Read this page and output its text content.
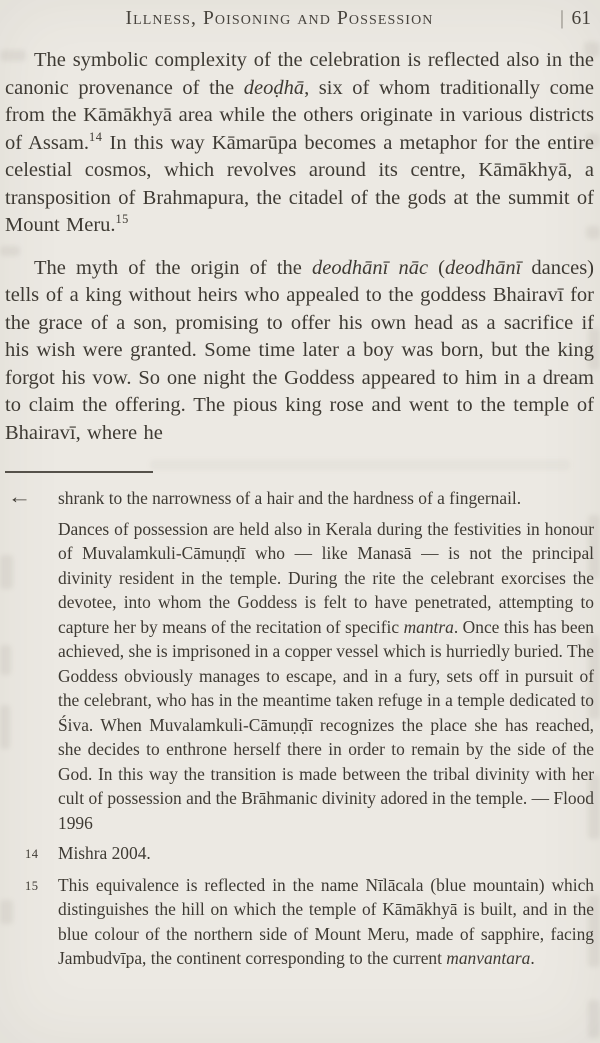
Illness, Poisoning and Possession	| 61

The symbolic complexity of the celebration is reflected also in the canonic provenance of the deoḍhā, six of whom traditionally come from the Kāmākhyā area while the others originate in various districts of Assam.$^{14}$ In this way Kāmarūpa becomes a metaphor for the entire celestial cosmos, which revolves around its centre, Kāmākhyā, a transposition of Brahmapura, the citadel of the gods at the summit of Mount Meru.$^{15}$

The myth of the origin of the deodhānī nāc (deodhānī dances) tells of a king without heirs who appealed to the goddess Bhairavī for the grace of a son, promising to offer his own head as a sacrifice if his wish were granted. Some time later a boy was born, but the king forgot his vow. So one night the Goddess appeared to him in a dream to claim the offering. The pious king rose and went to the temple of Bhairavī, where he

←	shrank to the narrowness of a hair and the hardness of a fingernail.

Dances of possession are held also in Kerala during the festivities in honour of Muvalamkuli-Cāmuṇḍī who — like Manasā — is not the principal divinity resident in the temple. During the rite the celebrant exorcises the devotee, into whom the Goddess is felt to have penetrated, attempting to capture her by means of the recitation of specific mantra. Once this has been achieved, she is imprisoned in a copper vessel which is hurriedly buried. The Goddess obviously manages to escape, and in a fury, sets off in pursuit of the celebrant, who has in the meantime taken refuge in a temple dedicated to Śiva. When Muvalamkuli-Cāmuṇḍī recognizes the place she has reached, she decides to enthrone herself there in order to remain by the side of the God. In this way the transition is made between the tribal divinity with her cult of possession and the Brāhmanic divinity adored in the temple. — Flood 1996

14	Mishra 2004.

15	This equivalence is reflected in the name Nīlācala (blue mountain) which distinguishes the hill on which the temple of Kāmākhyā is built, and in the blue colour of the northern side of Mount Meru, made of sapphire, facing Jambudvīpa, the continent corresponding to the current manvantara.
